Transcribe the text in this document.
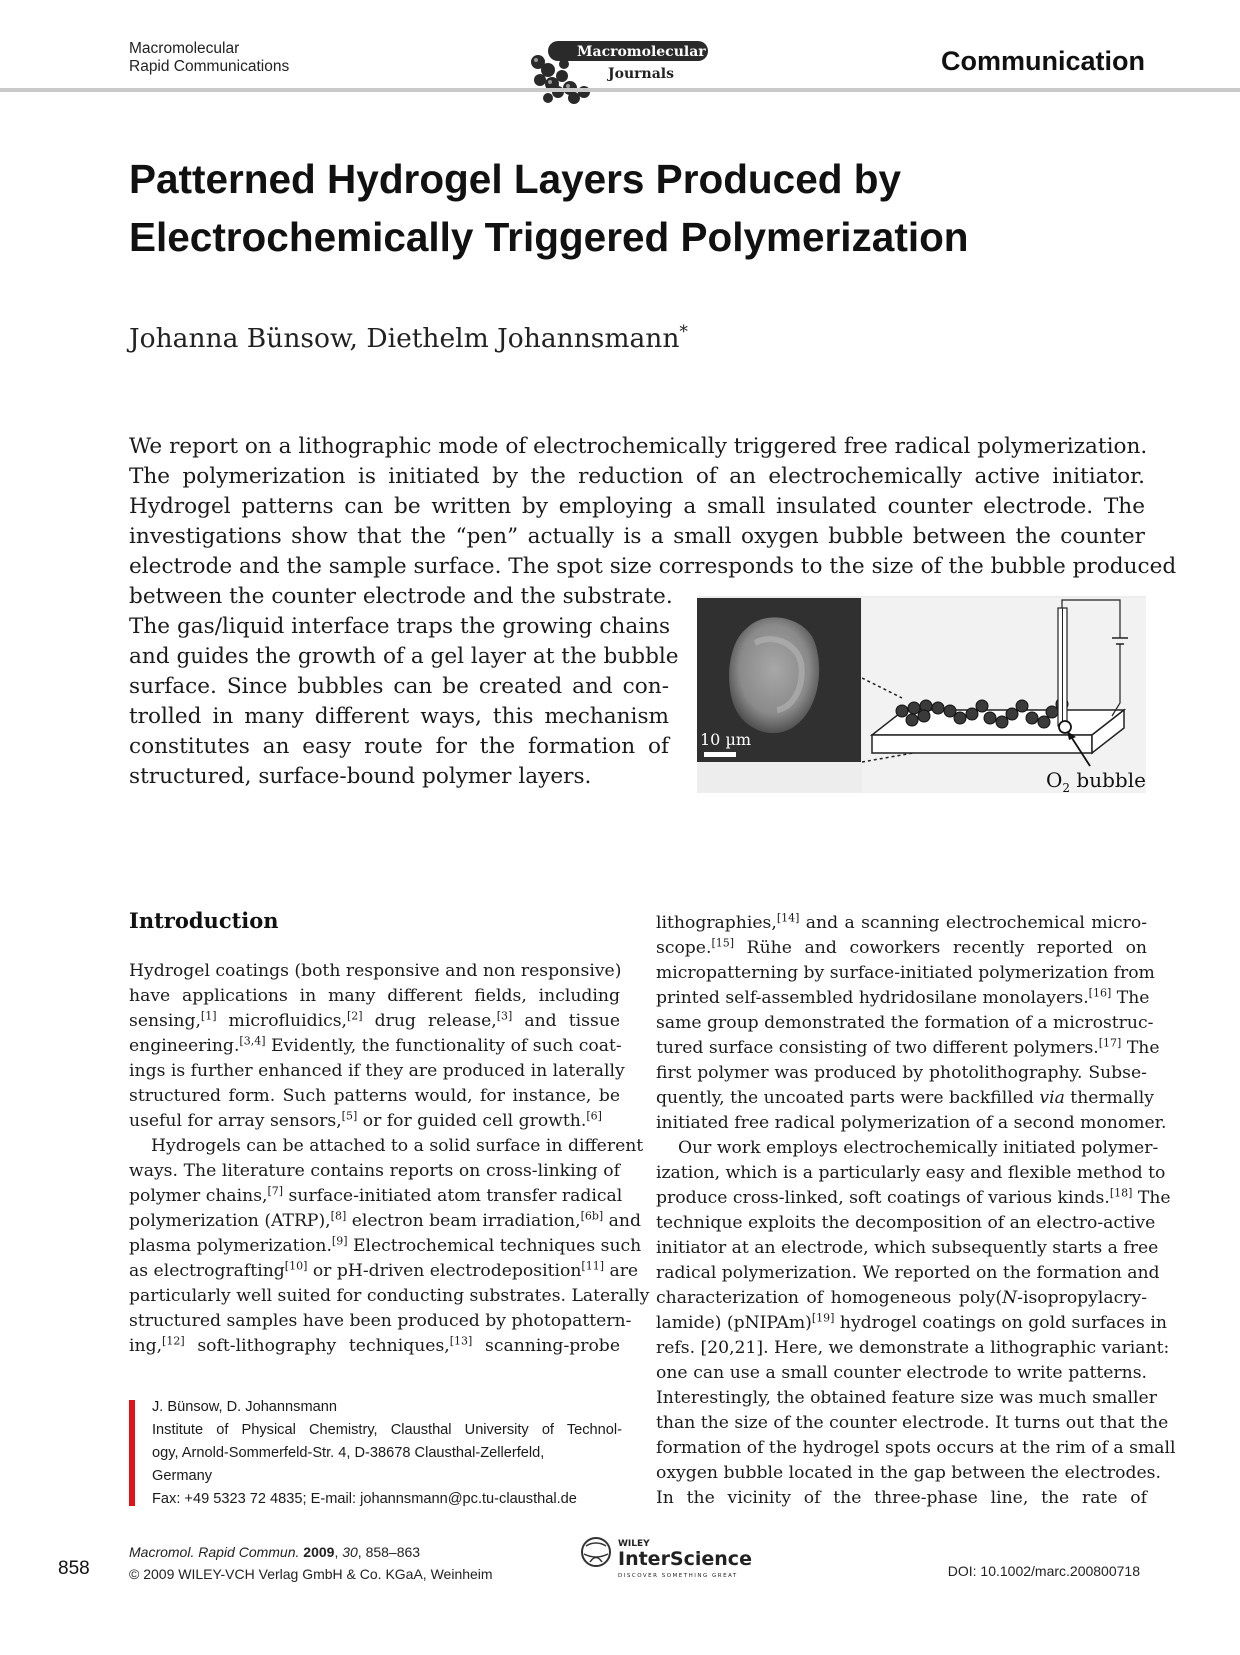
Macromolecular
Rapid Communications
Macromolecular
Journals	Communication
Patterned Hydrogel Layers Produced by
Electrochemically Triggered Polymerization
Johanna Bünsow, Diethelm Johannsmann*
We report on a lithographic mode of electrochemically triggered free radical polymerization.
The polymerization is initiated by the reduction of an electrochemically active initiator.
Hydrogel patterns can be written by employing a small insulated counter electrode. The
investigations show that the “pen” actually is a small oxygen bubble between the counter
electrode and the sample surface. The spot size corresponds to the size of the bubble produced
between the counter electrode and the substrate.
The gas/liquid interface traps the growing chains
and guides the growth of a gel layer at the bubble
surface. Since bubbles can be created and con-
trolled in many different ways, this mechanism
constitutes an easy route for the formation of
structured, surface-bound polymer layers.
10 µm
$O_2$ bubble
Introduction
Hydrogel coatings (both responsive and non responsive)
have applications in many different fields, including
sensing,[1] microfluidics,[2] drug release,[3] and tissue
engineering.[3,4] Evidently, the functionality of such coat-
ings is further enhanced if they are produced in laterally
structured form. Such patterns would, for instance, be
useful for array sensors,[5] or for guided cell growth.[6]
Hydrogels can be attached to a solid surface in different
ways. The literature contains reports on cross-linking of
polymer chains,[7] surface-initiated atom transfer radical
polymerization (ATRP),[8] electron beam irradiation,[6b] and
plasma polymerization.[9] Electrochemical techniques such
as electrografting[10] or pH-driven electrodeposition[11] are
particularly well suited for conducting substrates. Laterally
structured samples have been produced by photopattern-
ing,[12] soft-lithography techniques,[13] scanning-probe
lithographies,[14] and a scanning electrochemical micro-
scope.[15] Rühe and coworkers recently reported on
micropatterning by surface-initiated polymerization from
printed self-assembled hydridosilane monolayers.[16] The
same group demonstrated the formation of a microstruc-
tured surface consisting of two different polymers.[17] The
first polymer was produced by photolithography. Subse-
quently, the uncoated parts were backfilled via thermally
initiated free radical polymerization of a second monomer.
Our work employs electrochemically initiated polymer-
ization, which is a particularly easy and flexible method to
produce cross-linked, soft coatings of various kinds.[18] The
technique exploits the decomposition of an electro-active
initiator at an electrode, which subsequently starts a free
radical polymerization. We reported on the formation and
characterization of homogeneous poly(N-isopropylacry-
lamide) (pNIPAm)[19] hydrogel coatings on gold surfaces in
refs. [20,21]. Here, we demonstrate a lithographic variant:
one can use a small counter electrode to write patterns.
Interestingly, the obtained feature size was much smaller
than the size of the counter electrode. It turns out that the
formation of the hydrogel spots occurs at the rim of a small
oxygen bubble located in the gap between the electrodes.
In the vicinity of the three-phase line, the rate of
J. Bünsow, D. Johannsmann
Institute of Physical Chemistry, Clausthal University of Technol-
ogy, Arnold-Sommerfeld-Str. 4, D-38678 Clausthal-Zellerfeld,
Germany
Fax: +49 5323 72 4835; E-mail: johannsmann@pc.tu-clausthal.de
858
Macromol. Rapid Commun. 2009, 30, 858–863
© 2009 WILEY-VCH Verlag GmbH & Co. KGaA, Weinheim
WILEY
InterScience
DISCOVER SOMETHING GREAT	DOI: 10.1002/marc.200800718
